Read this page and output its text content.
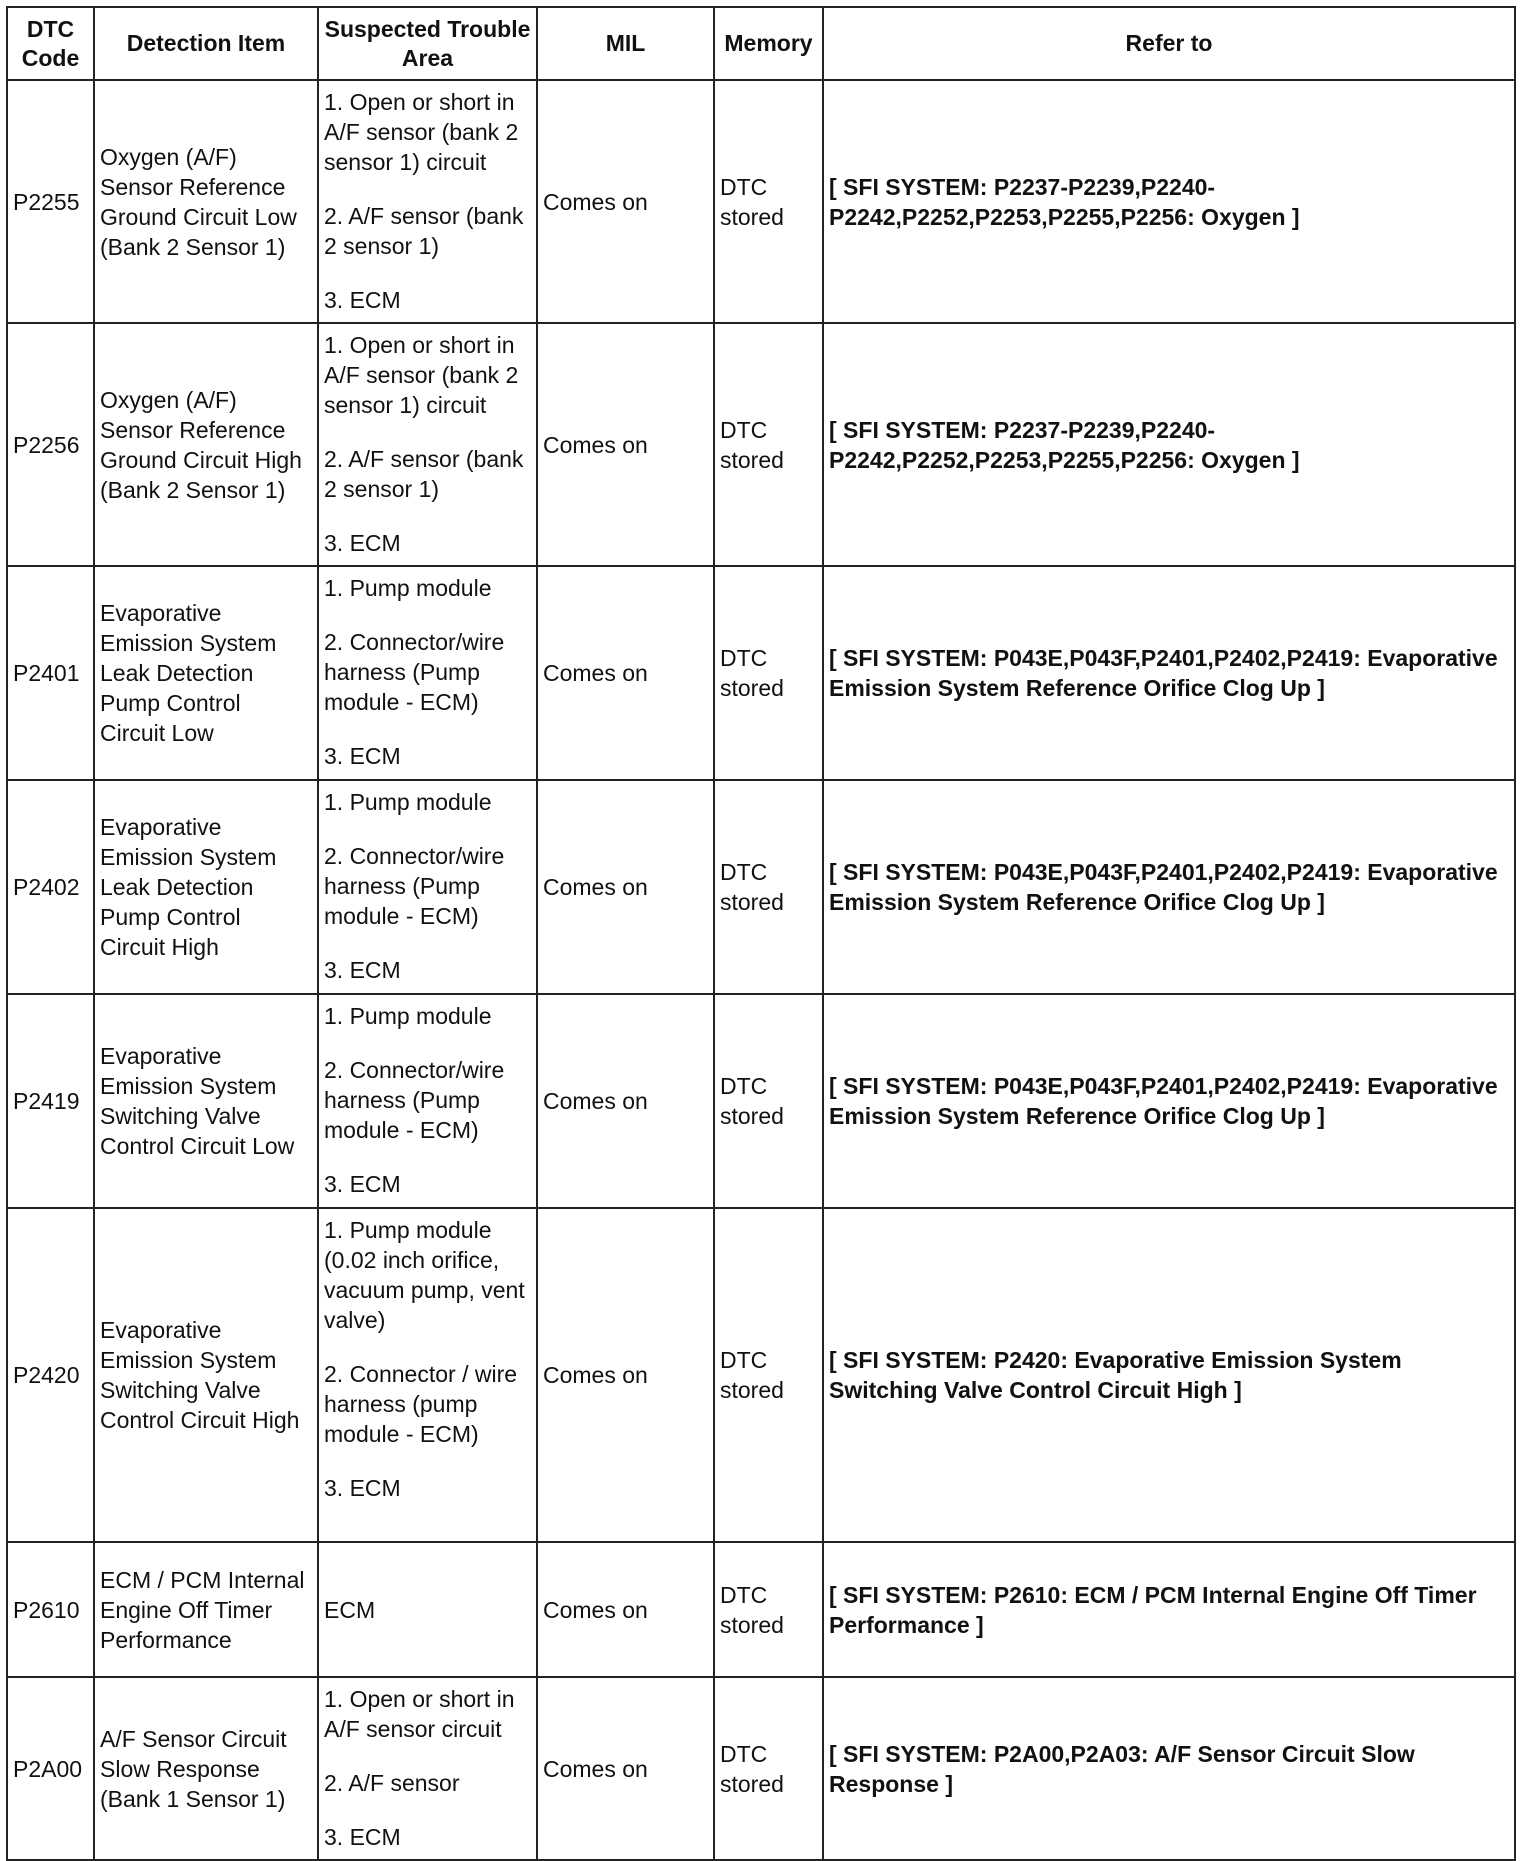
DTC Code	Detection Item	Suspected Trouble Area	MIL	Memory	Refer to
P2255	Oxygen (A/F) Sensor Reference Ground Circuit Low (Bank 2 Sensor 1)	1. Open or short in A/F sensor (bank 2 sensor 1) circuit
2. A/F sensor (bank 2 sensor 1)
3. ECM	Comes on	DTC stored	[ SFI SYSTEM: P2237-P2239,P2240-P2242,P2252,P2253,P2255,P2256: Oxygen ]
P2256	Oxygen (A/F) Sensor Reference Ground Circuit High (Bank 2 Sensor 1)	1. Open or short in A/F sensor (bank 2 sensor 1) circuit
2. A/F sensor (bank 2 sensor 1)
3. ECM	Comes on	DTC stored	[ SFI SYSTEM: P2237-P2239,P2240-P2242,P2252,P2253,P2255,P2256: Oxygen ]
P2401	Evaporative Emission System Leak Detection Pump Control Circuit Low	1. Pump module
2. Connector/wire harness (Pump module - ECM)
3. ECM	Comes on	DTC stored	[ SFI SYSTEM: P043E,P043F,P2401,P2402,P2419: Evaporative Emission System Reference Orifice Clog Up ]
P2402	Evaporative Emission System Leak Detection Pump Control Circuit High	1. Pump module
2. Connector/wire harness (Pump module - ECM)
3. ECM	Comes on	DTC stored	[ SFI SYSTEM: P043E,P043F,P2401,P2402,P2419: Evaporative Emission System Reference Orifice Clog Up ]
P2419	Evaporative Emission System Switching Valve Control Circuit Low	1. Pump module
2. Connector/wire harness (Pump module - ECM)
3. ECM	Comes on	DTC stored	[ SFI SYSTEM: P043E,P043F,P2401,P2402,P2419: Evaporative Emission System Reference Orifice Clog Up ]
P2420	Evaporative Emission System Switching Valve Control Circuit High	1. Pump module (0.02 inch orifice, vacuum pump, vent valve)
2. Connector / wire harness (pump module - ECM)
3. ECM	Comes on	DTC stored	[ SFI SYSTEM: P2420: Evaporative Emission System Switching Valve Control Circuit High ]
P2610	ECM / PCM Internal Engine Off Timer Performance	ECM	Comes on	DTC stored	[ SFI SYSTEM: P2610: ECM / PCM Internal Engine Off Timer Performance ]
P2A00	A/F Sensor Circuit Slow Response (Bank 1 Sensor 1)	1. Open or short in A/F sensor circuit
2. A/F sensor
3. ECM	Comes on	DTC stored	[ SFI SYSTEM: P2A00,P2A03: A/F Sensor Circuit Slow Response ]
